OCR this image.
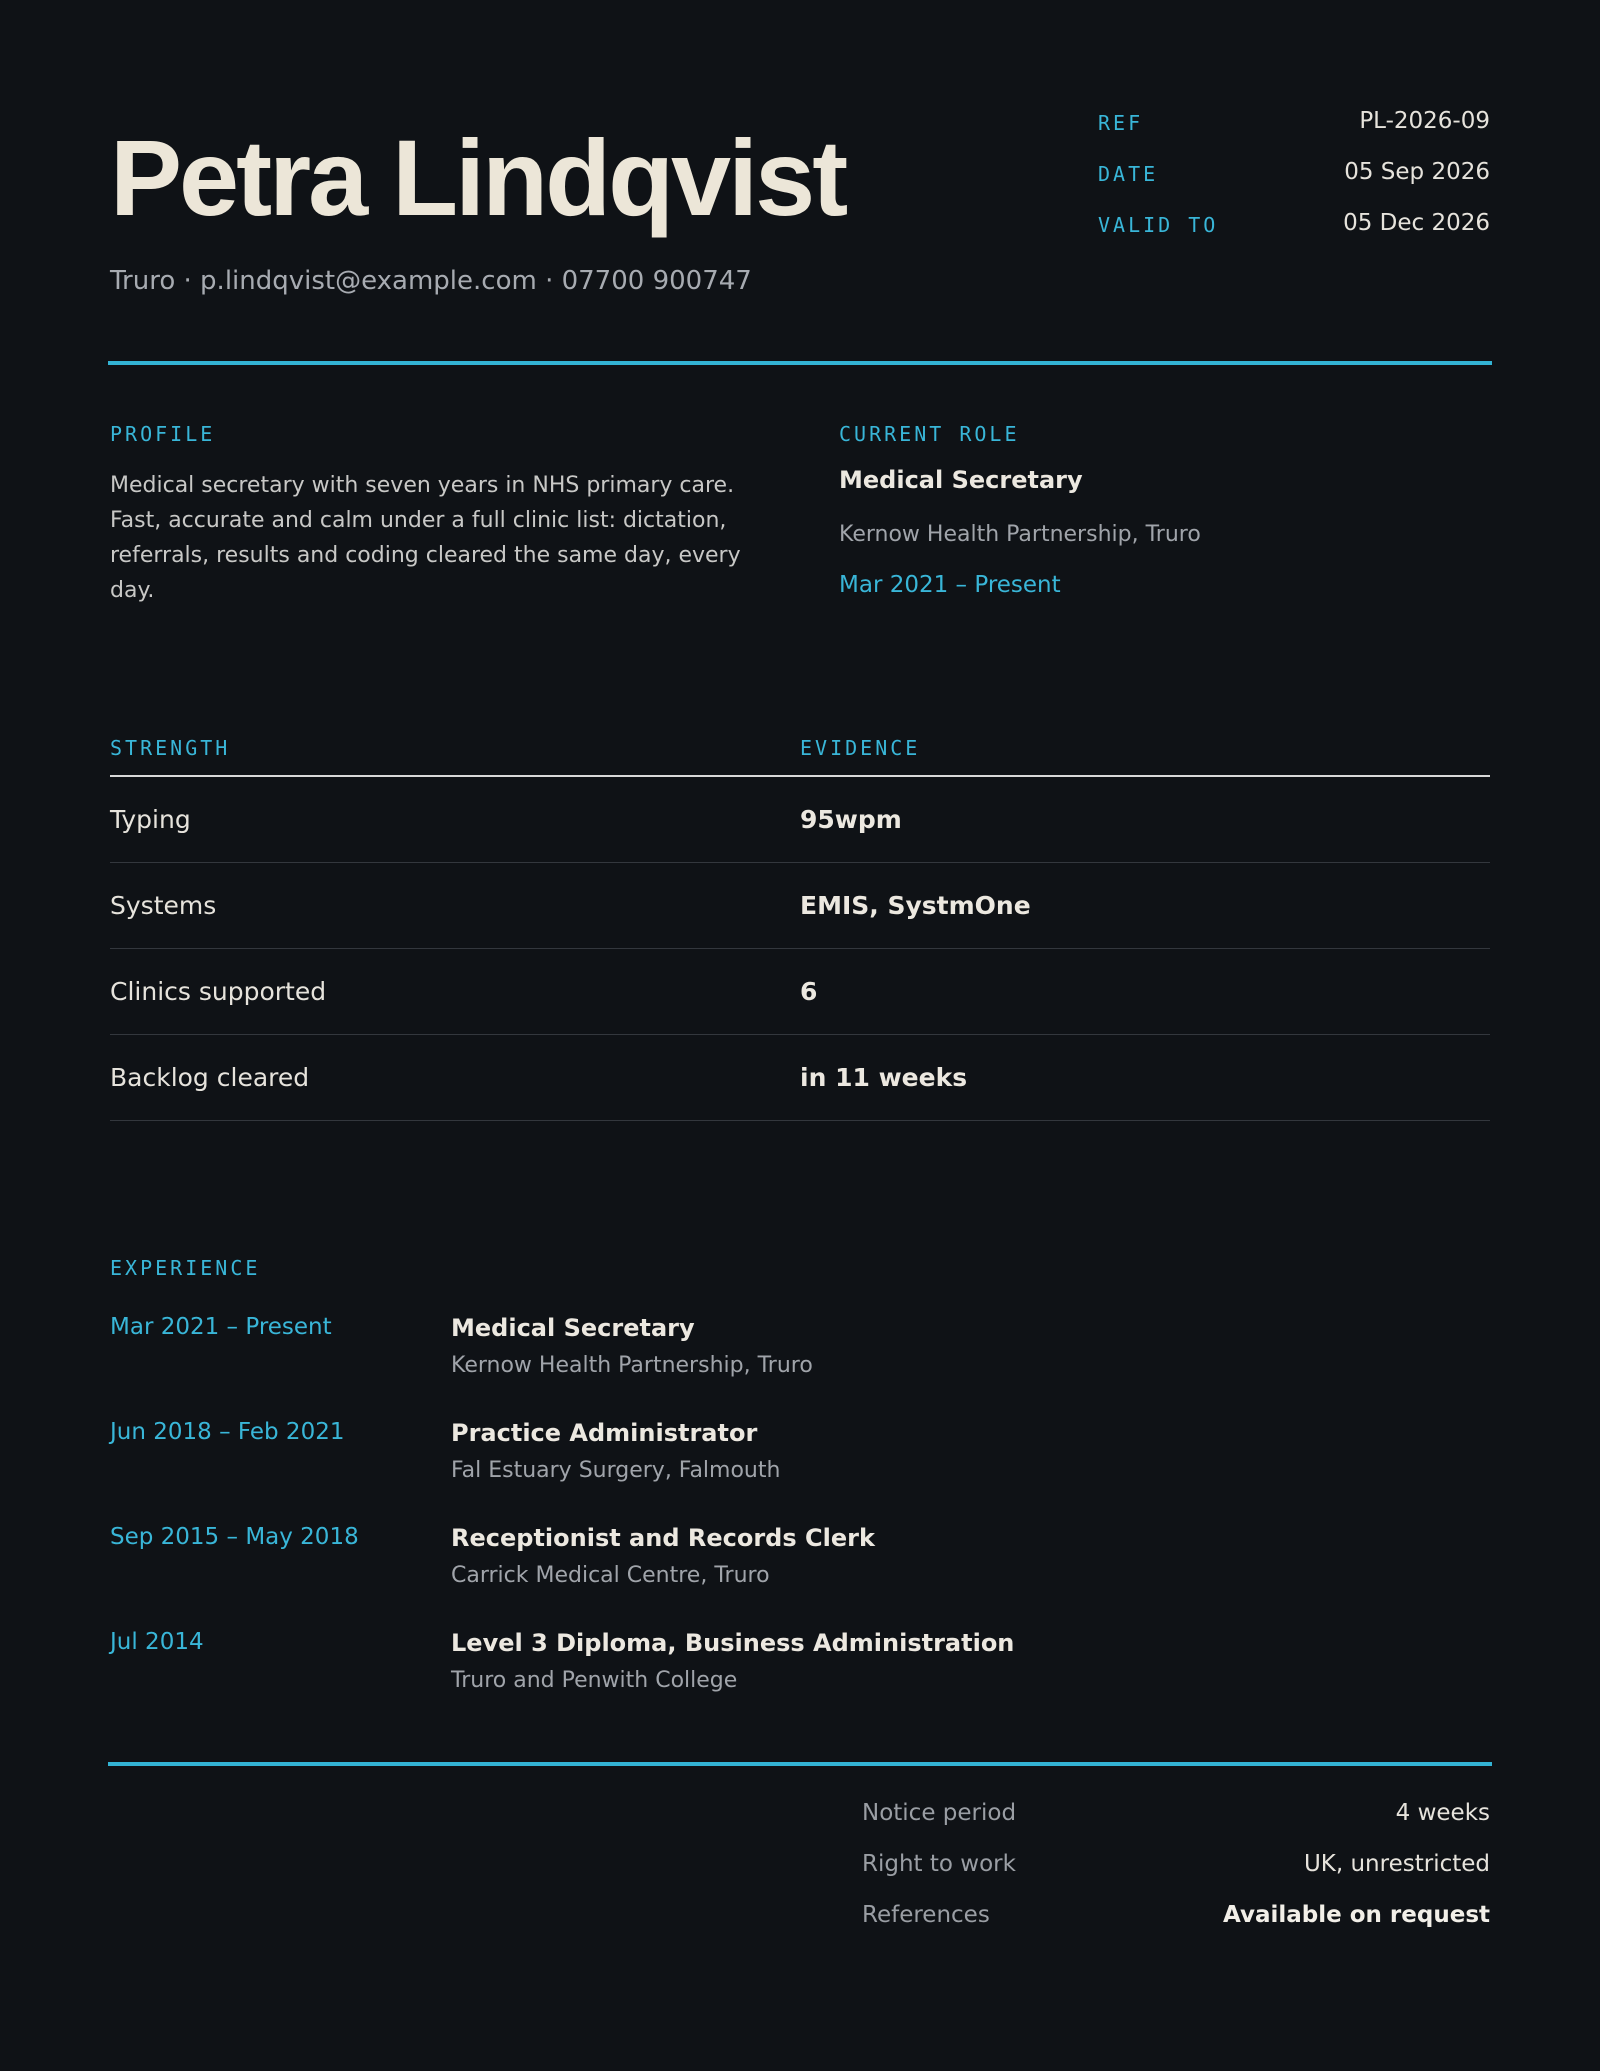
Petra Lindqvist
Truro · p.lindqvist@example.com · 07700 900747
REF	PL-2026-09
DATE	05 Sep 2026
VALID TO	05 Dec 2026
PROFILE
Medical secretary with seven years in NHS primary care. Fast, accurate and calm under a full clinic list: dictation, referrals, results and coding cleared the same day, every day.
CURRENT ROLE
Medical Secretary
Kernow Health Partnership, Truro
Mar 2021 – Present
STRENGTH	EVIDENCE
Typing	95wpm
Systems	EMIS, SystmOne
Clinics supported	6
Backlog cleared	in 11 weeks
EXPERIENCE
Mar 2021 – Present	Medical Secretary
Kernow Health Partnership, Truro
Jun 2018 – Feb 2021	Practice Administrator
Fal Estuary Surgery, Falmouth
Sep 2015 – May 2018	Receptionist and Records Clerk
Carrick Medical Centre, Truro
Jul 2014	Level 3 Diploma, Business Administration
Truro and Penwith College
Notice period	4 weeks
Right to work	UK, unrestricted
References	Available on request
